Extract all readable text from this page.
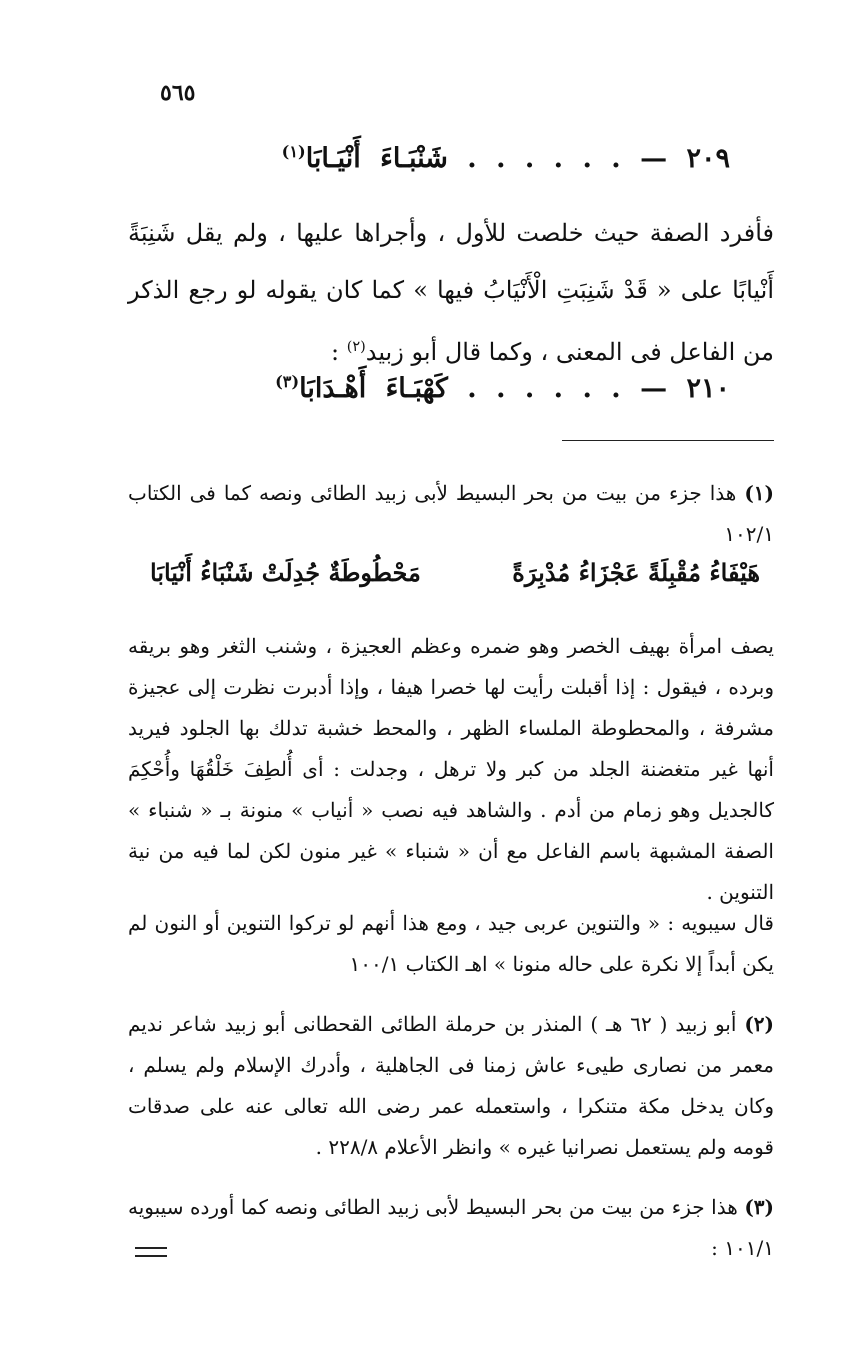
٥٦٥
٢٠٩ — . . . . . . شَنْبَـاءَ أَنْيَـابَا$^{(١)}$
فأفرد الصفة حيث خلصت للأول ، وأجراها عليها ، ولم يقل شَنِبَةً أَنْيابًا على « قَدْ شَنِبَتِ الْأَنْيَابُ فيها » كما كان يقوله لو رجع الذكر من الفاعل فى المعنى ، وكما قال أبو زبيد$^{(٢)}$ :
٢١٠ — . . . . . . كَهْبَـاءَ أَهْـدَابَا$^{(٣)}$
(١) هذا جزء من بيت من بحر البسيط لأبى زبيد الطائى ونصه كما فى الكتاب ١٠٢/١
هَيْفَاءُ مُقْبِلَةً عَجْزَاءُ مُدْبِرَةً
مَحْطُوطَةٌ جُدِلَتْ شَنْبَاءُ أَنْيَابَا
يصف امرأة بهيف الخصر وهو ضمره وعظم العجيزة ، وشنب الثغر وهو بريقه وبرده ، فيقول : إذا أقبلت رأيت لها خصرا هيفا ، وإذا أدبرت نظرت إلى عجيزة مشرفة ، والمحطوطة الملساء الظهر ، والمحط خشبة تدلك بها الجلود فيريد أنها غير متغضنة الجلد من كبر ولا ترهل ، وجدلت : أى أُلطِفَ خَلْقُهَا وأُحْكِمَ كالجديل وهو زمام من أدم . والشاهد فيه نصب « أنياب » منونة بـ « شنباء » الصفة المشبهة باسم الفاعل مع أن « شنباء » غير منون لكن لما فيه من نية التنوين .
قال سيبويه : « والتنوين عربى جيد ، ومع هذا أنهم لو تركوا التنوين أو النون لم يكن أبداً إلا نكرة على حاله منونا » اهـ الكتاب ١٠٠/١
(٢) أبو زبيد ( ٦٢ هـ ) المنذر بن حرملة الطائى القحطانى أبو زبيد شاعر نديم معمر من نصارى طيىء عاش زمنا فى الجاهلية ، وأدرك الإسلام ولم يسلم ، وكان يدخل مكة متنكرا ، واستعمله عمر رضى الله تعالى عنه على صدقات قومه ولم يستعمل نصرانيا غيره » وانظر الأعلام ٢٢٨/٨ .
(٣) هذا جزء من بيت من بحر البسيط لأبى زبيد الطائى ونصه كما أورده سيبويه ١٠١/١ :
